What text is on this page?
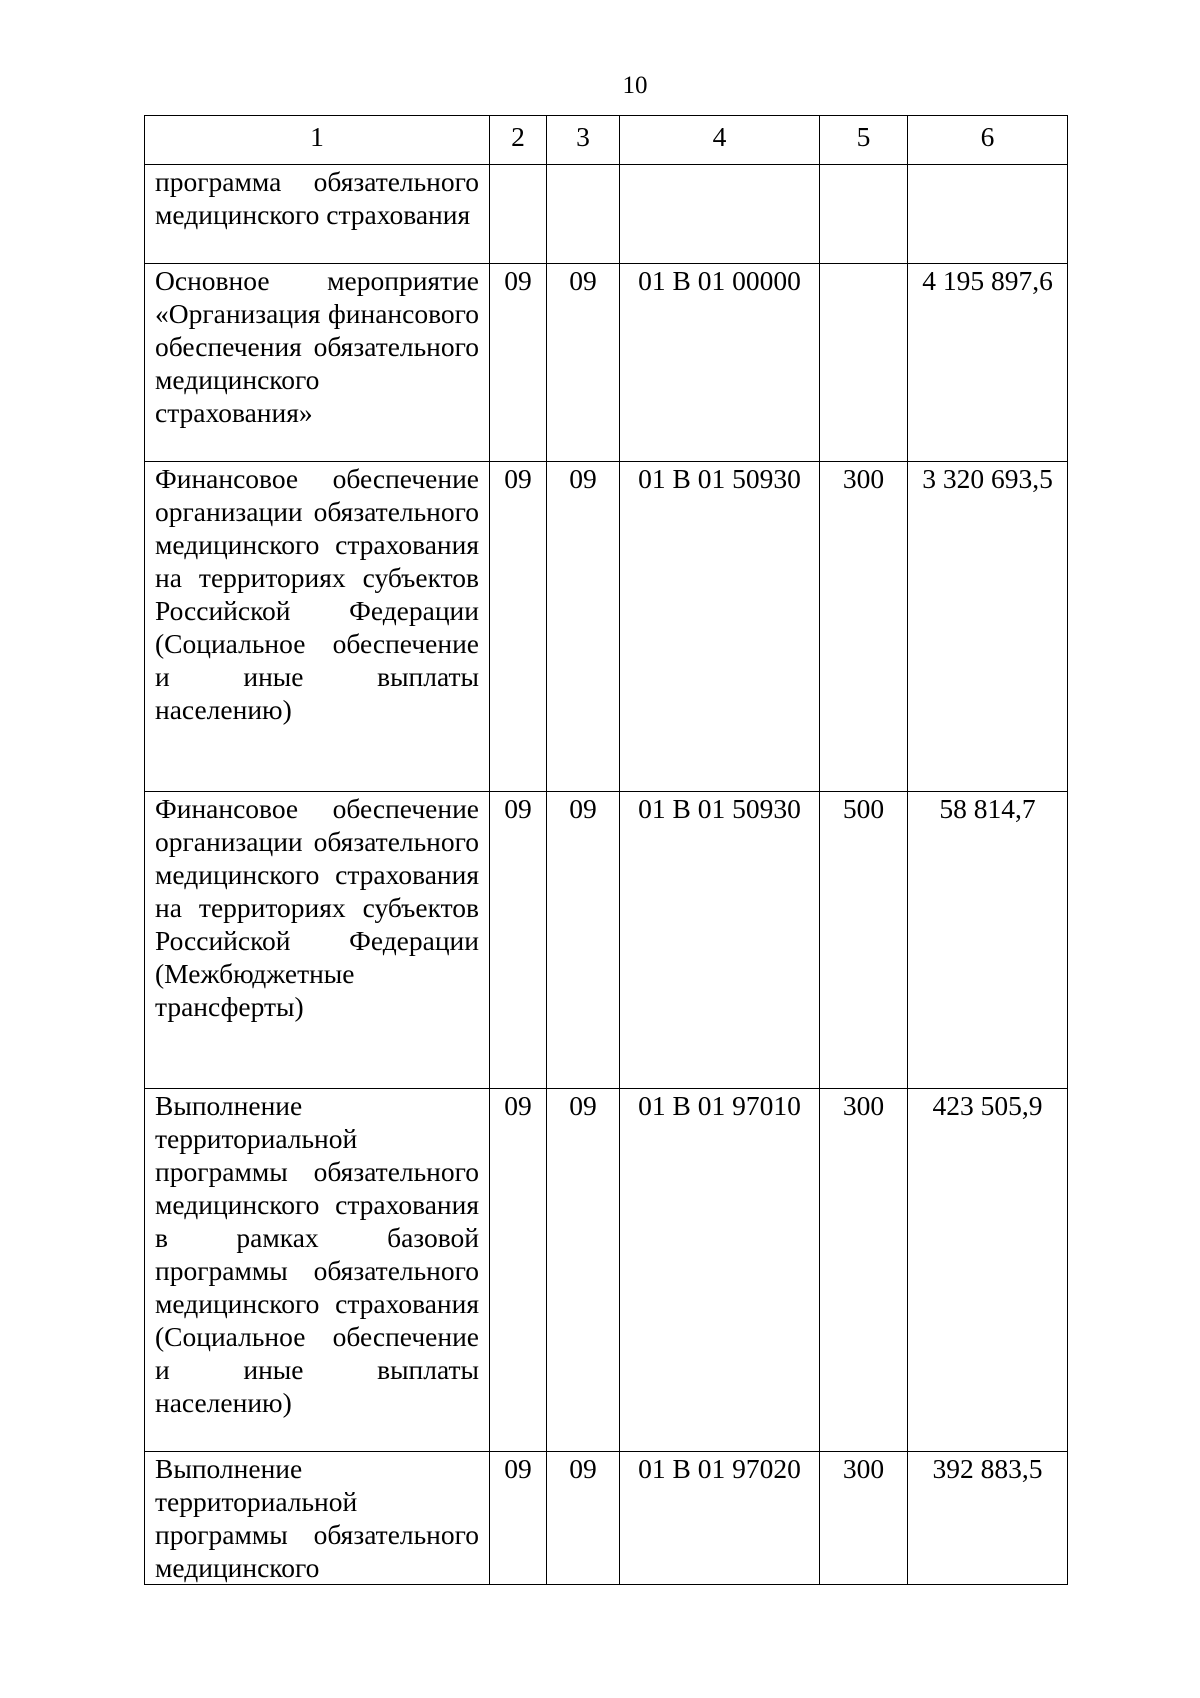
10
1	2	3	4	5	6
программа обязательного медицинского страхования					
Основное мероприятие «Организация финансового обеспечения обязательного медицинского страхования»	09	09	01 В 01 00000		4 195 897,6
Финансовое обеспечение организации обязательного медицинского страхования на территориях субъектов Российской Федерации (Социальное обеспечение и иные выплаты населению)	09	09	01 В 01 50930	300	3 320 693,5
Финансовое обеспечение организации обязательного медицинского страхования на территориях субъектов Российской Федерации (Межбюджетные трансферты)	09	09	01 В 01 50930	500	58 814,7
Выполнение территориальной программы обязательного медицинского страхования в рамках базовой программы обязательного медицинского страхования (Социальное обеспечение и иные выплаты населению)	09	09	01 В 01 97010	300	423 505,9
Выполнение территориальной программы обязательного медицинского	09	09	01 В 01 97020	300	392 883,5
